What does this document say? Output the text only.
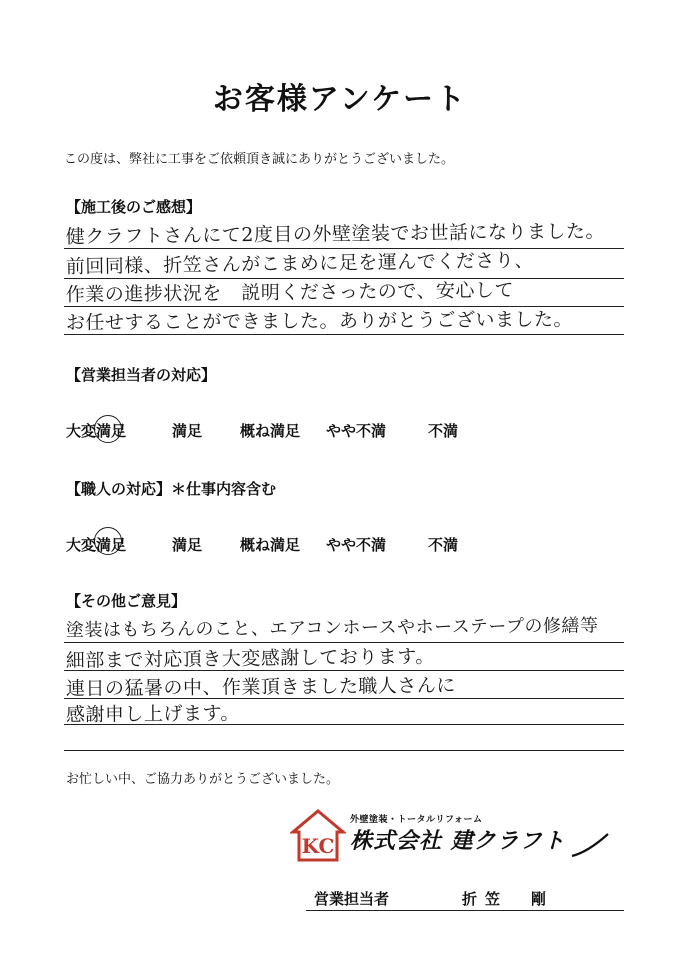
お客様アンケート
この度は、弊社に工事をご依頼頂き誠にありがとうございました。
【施工後のご感想】
健クラフトさんにて2度目の外壁塗装でお世話になりました。
前回同様、折笠さんがこまめに足を運んでくださり、
作業の進捗状況を　説明くださったので、安心して
お任せすることができました。ありがとうございました。
【営業担当者の対応】
大変満足	満足	概ね満足 やや不満	不満
【職人の対応】＊仕事内容含む
大変満足	満足	概ね満足 やや不満	不満
【その他ご意見】
塗装はもちろんのこと、エアコンホースやホーステープの修繕等
細部まで対応頂き大変感謝しております。
連日の猛暑の中、作業頂きました職人さんに
感謝申し上げます。
お忙しい中、ご協力ありがとうございました。
KC
外壁塗装・トータルリフォーム
株式会社 建クラフト
営業担当者	折笠　剛
